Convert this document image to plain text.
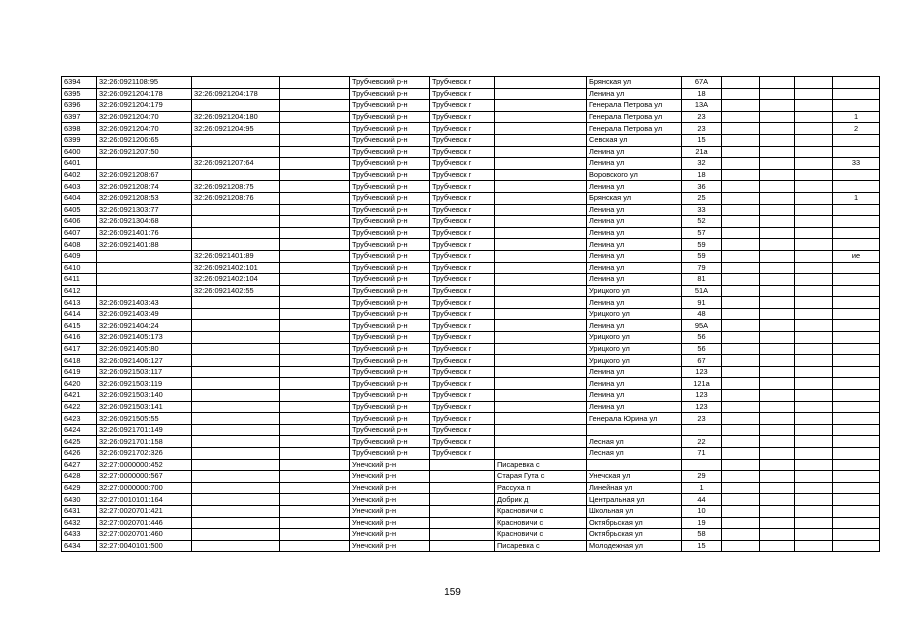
6394	32:26:0921108:95			Трубчевский р-н	Трубчевск г		Брянская ул	67А				
6395	32:26:0921204:178	32:26:0921204:178		Трубчевский р-н	Трубчевск г		Ленина ул	18				
6396	32:26:0921204:179			Трубчевский р-н	Трубчевск г		Генерала Петрова ул	13А				
6397	32:26:0921204:70	32:26:0921204:180		Трубчевский р-н	Трубчевск г		Генерала Петрова ул	23				1
6398	32:26:0921204:70	32:26:0921204:95		Трубчевский р-н	Трубчевск г		Генерала Петрова ул	23				2
6399	32:26:0921206:65			Трубчевский р-н	Трубчевск г		Севская ул	15				
6400	32:26:0921207:50			Трубчевский р-н	Трубчевск г		Ленина ул	21а				
6401		32:26:0921207:64		Трубчевский р-н	Трубчевск г		Ленина ул	32				33
6402	32:26:0921208:67			Трубчевский р-н	Трубчевск г		Воровского ул	18				
6403	32:26:0921208:74	32:26:0921208:75		Трубчевский р-н	Трубчевск г		Ленина ул	36				
6404	32:26:0921208:53	32:26:0921208:76		Трубчевский р-н	Трубчевск г		Брянская ул	25				1
6405	32:26:0921303:77			Трубчевский р-н	Трубчевск г		Ленина ул	33				
6406	32:26:0921304:68			Трубчевский р-н	Трубчевск г		Ленина ул	52				
6407	32:26:0921401:76			Трубчевский р-н	Трубчевск г		Ленина ул	57				
6408	32:26:0921401:88			Трубчевский р-н	Трубчевск г		Ленина ул	59				
6409		32:26:0921401:89		Трубчевский р-н	Трубчевск г		Ленина ул	59				ие
6410		32:26:0921402:101		Трубчевский р-н	Трубчевск г		Ленина ул	79				
6411		32:26:0921402:104		Трубчевский р-н	Трубчевск г		Ленина ул	81				
6412		32:26:0921402:55		Трубчевский р-н	Трубчевск г		Урицкого ул	51А				
6413	32:26:0921403:43			Трубчевский р-н	Трубчевск г		Ленина ул	91				
6414	32:26:0921403:49			Трубчевский р-н	Трубчевск г		Урицкого ул	48				
6415	32:26:0921404:24			Трубчевский р-н	Трубчевск г		Ленина ул	95А				
6416	32:26:0921405:173			Трубчевский р-н	Трубчевск г		Урицкого ул	56				
6417	32:26:0921405:80			Трубчевский р-н	Трубчевск г		Урицкого ул	56				
6418	32:26:0921406:127			Трубчевский р-н	Трубчевск г		Урицкого ул	67				
6419	32:26:0921503:117			Трубчевский р-н	Трубчевск г		Ленина ул	123				
6420	32:26:0921503:119			Трубчевский р-н	Трубчевск г		Ленина ул	121а				
6421	32:26:0921503:140			Трубчевский р-н	Трубчевск г		Ленина ул	123				
6422	32:26:0921503:141			Трубчевский р-н	Трубчевск г		Ленина ул	123				
6423	32:26:0921505:55			Трубчевский р-н	Трубчевск г		Генерала Юрина ул	23				
6424	32:26:0921701:149			Трубчевский р-н	Трубчевск г							
6425	32:26:0921701:158			Трубчевский р-н	Трубчевск г		Лесная ул	22				
6426	32:26:0921702:326			Трубчевский р-н	Трубчевск г		Лесная ул	71				
6427	32:27:0000000:452			Унечский р-н		Писаревка с						
6428	32:27:0000000:567			Унечский р-н		Старая Гута с	Унечская ул	29				
6429	32:27:0000000:700			Унечский р-н		Рассуха п	Линейная ул	1				
6430	32:27:0010101:164			Унечский р-н		Добрик д	Центральная ул	44				
6431	32:27:0020701:421			Унечский р-н		Красновичи с	Школьная ул	10				
6432	32:27:0020701:446			Унечский р-н		Красновичи с	Октябрьская ул	19				
6433	32:27:0020701:460			Унечский р-н		Красновичи с	Октябрьская ул	58				
6434	32:27:0040101:500			Унечский р-н		Писаревка с	Молодежная ул	15				
159
